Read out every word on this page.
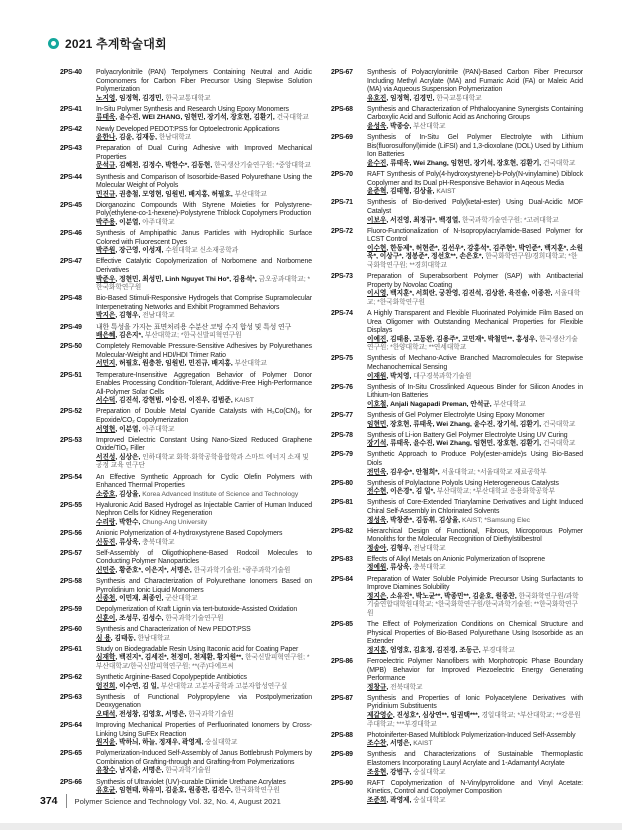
2021 추계학술대회
2PS-40	Polyacrylonitrile (PAN) Terpolymers Containing Neutral and Acidic Comonomers for Carbon Fiber Precursor Using Stepwise Solution Polymerization
노지영, 임정혁, 김경민, 한국교통대학교
2PS-41	In-Situ Polymer Synthesis and Research Using Epoxy Monomers
류태욱, 윤수진, WEI ZHANG, 임현민, 장기석, 장호현, 김환기, 건국대학교
2PS-42	Newly Developed PEDOT:PSS for Optoelectronic Applications
윤한나, 김윤, 김재동, 한남대학교
2PS-43	Preparation of Dual Curing Adhesive with Improved Mechanical Properties
문석규, 김혜천, 김정수, 박한수*, 김동현, 한국생산기술연구원; *중앙대학교
2PS-44	Synthesis and Comparison of Isosorbide-Based Polyurethane Using the Molecular Weight of Polyols
민진규, 권충철, 모영현, 임원빈, 배지홍, 허필호, 부산대학교
2PS-45	Diorganozinc Compounds With Styrene Moieties for Polystyrene-Poly(ethylene-co-1-hexene)-Polystyrene Triblock Copolymers Production
박주용, 이분열, 아주대학교
2PS-46	Synthesis of Amphipathic Janus Particles with Hydrophilic Surface Colored with Fluorescent Dyes
박주원, 장근영, 이성재, 수원대학교 신소재공학과
2PS-47	Effective Catalytic Copolymerization of Norbornene and Norbornene Derivatives
박준우, 정현민, 최성민, Linh Nguyet Thi Ho*, 김용석*, 금오공과대학교; *한국화학연구원
2PS-48	Bio-Based Stimuli-Responsive Hydrogels that Comprise Supramolecular Interpenetrating Networks and Exhibit Programmed Behaviors
박지은, 김형우, 전남대학교
2PS-49	내한 특성을 가지는 표면처리용 수분산 코팅 수지 합성 및 특성 연구
배은혜, 김은지*, 부산대학교; *한국신발피혁연구원
2PS-50	Completely Removable Pressure-Sensitive Adhesives by Polyurethanes Molecular-Weight and HDI/HDI Trimer Ratio
서민지, 허필호, 원충찬, 임원빈, 민진규, 배지홍, 부산대학교
2PS-51	Temperature-Insensitive Aggregation Behavior of Polymer Donor Enables Processing Condition-Tolerant, Additive-Free High-Performance All-Polymer Solar Cells
서수덕, 김진석, 강현범, 이승진, 이진우, 김범준, KAIST
2PS-52	Preparation of Double Metal Cyanide Catalysts with H₃Co(CN)₆ for Epoxide/CO₂ Copolymerization
서영현, 이분열, 아주대학교
2PS-53	Improved Dielectric Constant Using Nano-Sized Reduced Graphene Oxide/TiO₂ Filler
서진성, 심상은, 인하대학교 화학·화학공학융합학과 스마트 에너지 소재 및 공정 교육 연구단
2PS-54	An Effective Synthetic Approach for Cyclic Olefin Polymers with Enhanced Thermal Properties
소중호, 김상율, Korea Advanced Institute of Science and Technology
2PS-55	Hyaluronic Acid Based Hydrogel as Injectable Carrier of Human Induced Nephron Cells for Kidney Regeneration
수리랑, 박한수, Chung-Ang University
2PS-56	Anionic Polymerization of 4-hydroxystyrene Based Copolymers
신동진, 류상욱, 충북대학교
2PS-57	Self-Assembly of Oligothiophene-Based Rodcoil Molecules to Conducting Polymer Nanoparticles
신민중, 황준호*, 이은지*, 서명은, 한국과학기술원; *광주과학기술원
2PS-58	Synthesis and Characterization of Polyurethane Ionomers Based on Pyrrolidinium Ionic Liquid Monomers
신종천, 이민재, 최종인, 군산대학교
2PS-59	Depolymerization of Kraft Lignin via tert-butoxide-Assisted Oxidation
신훈이, 조성무, 김성수, 한국과학기술연구원
2PS-60	Synthesis and Characterization of New PEDOT:PSS
심 용, 김태동, 한남대학교
2PS-61	Study on Biodegradable Resin Using Itaconic acid for Coating Paper
심재학, 백진지*, 김세진*, 천정미, 천제환, 황지원**, 한국신발피혁연구원; *부산대학교/한국신발피혁연구원; **(주)다에프씨
2PS-62	Synthetic Arginine-Based Copolypeptide Antibiotics
엄진희, 이수연, 김 일, 부산대학교 고분자공학과 고분자합성연구실
2PS-63	Synthesis of Functional Polypropylene via Postpolymerization Deoxygenation
오태석, 전성창, 김영호, 서명은, 한국과학기술원
2PS-64	Improving Mechanical Properties of Perfluorinated Ionomers by Cross-Linking Using SuFEx Reaction
원지윤, 박하늬, 하늘, 정재우, 곽영제, 숭실대학교
2PS-65	Polymerization-Induced Self-Assembly of Janus Bottlebrush Polymers by Combination of Grafting-through and Grafting-from Polymerizations
유창수, 남지윤, 서명은, 한국과학기술원
2PS-66	Synthesis of Ultraviolet (UV)-curable Diimide Urethane Acrylates
유호균, 임현태, 하유미, 김윤호, 원종찬, 김진수, 한국화학연구원
2PS-67	Synthesis of Polyacrylonitrile (PAN)-Based Carbon Fiber Precursor Including Methyl Acrylate (MA) and Fumaric Acid (FA) or Maleic Acid (MA) via Aqueous Suspension Polymerization
유호진, 임정혁, 김경민, 한국교통대학교
2PS-68	Synthesis and Characterization of Phthalocyanine Synergists Containing Carboxylic Acid and Sulfonic Acid as Anchoring Groups
윤성욱, 박종승, 부산대학교
2PS-69	Synthesis of In-Situ Gel Polymer Electrolyte with Lithium Bis(fluorosulfonyl)imide (LiFSI) and 1,3-dioxolane (DOL) Used by Lithium Ion Batteries
윤수진, 류태욱, Wei Zhang, 임현민, 장기석, 장호현, 김환기, 건국대학교
2PS-70	RAFT Synthesis of Poly(4-hydroxystyrene)-b-Poly(N-vinylamine) Diblock Copolymer and Its Dual pH-Responsive Behavior in Aqeous Media
윤준혁, 김태형, 김상율, KAIST
2PS-71	Synthesis of Bio-derived Poly(ketal-ester) Using Dual-Acidic MOF Catalyst
이보우, 서진영, 최정규*, 백경열, 한국과학기술연구원; *고려대학교
2PS-72	Fluoro-Functionalization of N-Isopropylacrylamide-Based Polymer for LCST Control
이수현, 한동제*, 허현준*, 김선우*, 강홍석*, 김주현*, 박인준*, 백지훈*, 소원욱*, 이상구*, 정봉준*, 정선호**, 손은호*, 한국화학연구원/경희대학교; *한국화학연구원; **경희대학교
2PS-73	Preparation of Superabsorbent Polymer (SAP) with Antibacterial Property by Novolac Coating
이시영, 백지훈*, 서희란, 궁찬영, 김진석, 김상완, 육진솔, 이종찬, 서울대학교; *한국화학연구원
2PS-74	A Highly Transparent and Flexible Fluorinated Polyimide Film Based on Urea Oligomer with Outstanding Mechanical Properties for Flexible Displays
이예진, 김태용, 고동완, 김용주*, 고민재*, 박철민**, 홍성우, 한국생산기술연구원; *한양대학교; **연세대학교
2PS-75	Synthesis of Mechano-Active Branched Macromolecules for Stepwise Mechanochemical Sensing
이재원, 박치영, 대구경북과학기술원
2PS-76	Synthesis of In-Situ Crosslinked Aqueous Binder for Silicon Anodes in Lithium-Ion Batteries
이호철, Anjali Nagapadi Preman, 안석균, 부산대학교
2PS-77	Synthesis of Gel Polymer Electrolyte Using Epoxy Monomer
임현민, 장호현, 류태욱, Wei Zhang, 윤수진, 장기석, 김환기, 건국대학교
2PS-78	Synthesis of Li-ion Battery Gel Polymer Electrolyte Using UV Curing
장기석, 류태욱, 윤수진, Wei Zhang, 임현민, 장호현, 김환기, 건국대학교
2PS-79	Synthetic Approach to Produce Poly(ester-amide)s Using Bio-Based Diols
전민욱, 김우승*, 안철희*, 서울대학교; *서울대학교 재료공학부
2PS-80	Synthesis of Polylactone Polyols Using Heterogeneous Catalysts
전수현, 이은경*, 김 일*, 부산대학교; *부산대학교 응용화학공학부
2PS-81	Synthesis of Core-Extended Triarylamine Derivatives and Light Induced Chiral Self-Assembly in Chlorinated Solvents
정성욱, 박창준*, 김동휘, 김상율, KAIST; *Samsung Elec
2PS-82	Hierarchical Design of Functional, Fibrous, Microporous Polymer Monoliths for the Molecular Recognition of Diethylstilbestrol
정송아, 김형우, 전남대학교
2PS-83	Effects of Alkyl Metals on Anionic Polymerization of Isoprene
정예원, 류상욱, 충북대학교
2PS-84	Preparation of Water Soluble Polyimide Precursor Using Surfactants to Improve Diamines Solubility
정지은, 소유진*, 박노균**, 박종민**, 김윤호, 원종찬, 한국화학연구원/과학기술연합대학원대학교; *한국화학연구원/한국과학기술원; **한국화학연구원
2PS-85	The Effect of Polymerization Conditions on Chemical Structure and Physical Properties of Bio-Based Polyurethane Using Isosorbide as an Extender
정지훈, 엄영호, 김효정, 김진경, 조동근, 부경대학교
2PS-86	Ferroelectric Polymer Nanofibers with Morphotropic Phase Boundary (MPB) Behavior for Improved Piezoelectric Energy Generating Performance
정창규, 전북대학교
2PS-87	Synthesis and Properties of Ionic Polyacetylene Derivatives with Pyridinium Substituents
제갈영순, 진성호*, 심상연**, 임권택***, 경일대학교; *부산대학교; **강릉원주대학교; ***부경대학교
2PS-88	Photoiniferter-Based Multiblock Polymerization-Induced Self-Assembly
조수찬, 서명은, KAIST
2PS-89	Synthesis and Characterizations of Sustainable Thermoplastic Elastomers Incorporating Lauryl Acrylate and 1-Adamantyl Acrylate
조웅현, 강범구, 숭실대학교
2PS-90	RAFT Copolymerization of N-Vinylpyrrolidone and Vinyl Acetate: Kinetics, Control and Copolymer Composition
조준희, 곽영제, 숭실대학교
374 Polymer Science and Technology Vol. 32, No. 4, August 2021
